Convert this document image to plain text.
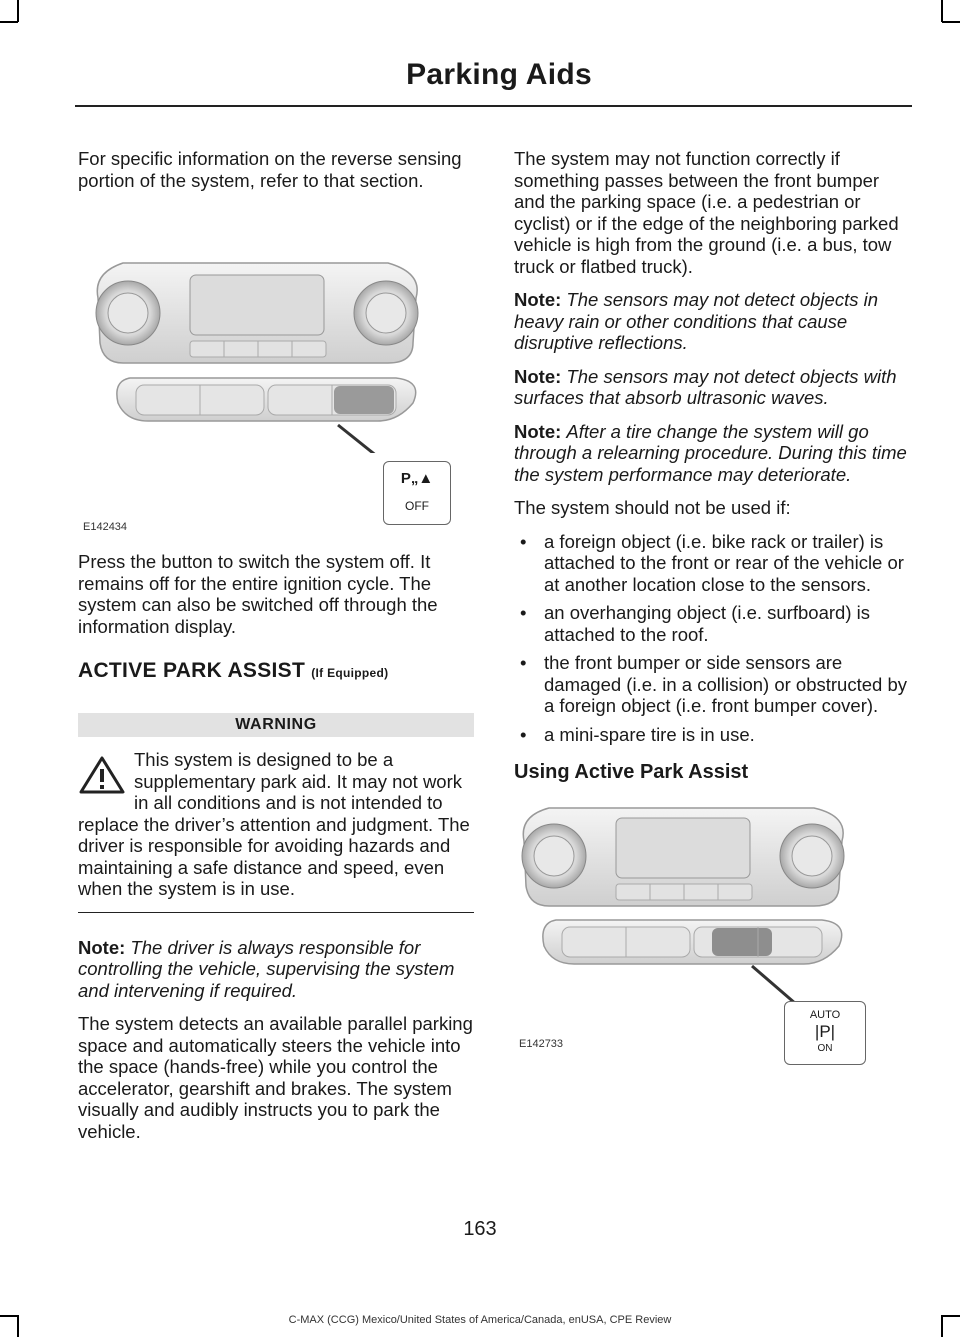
Parking Aids

For specific information on the reverse sensing portion of the system, refer to that section.

P„▲
OFF
E142434

Press the button to switch the system off. It remains off for the entire ignition cycle. The system can also be switched off through the information display.

ACTIVE PARK ASSIST (If Equipped)
WARNING

This system is designed to be a supplementary park aid. It may not work in all conditions and is not intended to replace the driver’s attention and judgment. The driver is responsible for avoiding hazards and maintaining a safe distance and speed, even when the system is in use.

Note: The driver is always responsible for controlling the vehicle, supervising the system and intervening if required.

The system detects an available parallel parking space and automatically steers the vehicle into the space (hands-free) while you control the accelerator, gearshift and brakes. The system visually and audibly instructs you to park the vehicle.

The system may not function correctly if something passes between the front bumper and the parking space (i.e. a pedestrian or cyclist) or if the edge of the neighboring parked vehicle is high from the ground (i.e. a bus, tow truck or flatbed truck).

Note: The sensors may not detect objects in heavy rain or other conditions that cause disruptive reflections.

Note: The sensors may not detect objects with surfaces that absorb ultrasonic waves.

Note: After a tire change the system will go through a relearning procedure. During this time the system performance may deteriorate.

The system should not be used if:

• a foreign object (i.e. bike rack or trailer) is attached to the front or rear of the vehicle or at another location close to the sensors.
• an overhanging object (i.e. surfboard) is attached to the roof.
• the front bumper or side sensors are damaged (i.e. in a collision) or obstructed by a foreign object (i.e. front bumper cover).
• a mini-spare tire is in use.
Using Active Park Assist
AUTO
|P|
ON
E142733
163
C-MAX (CCG) Mexico/United States of America/Canada, enUSA, CPE Review
